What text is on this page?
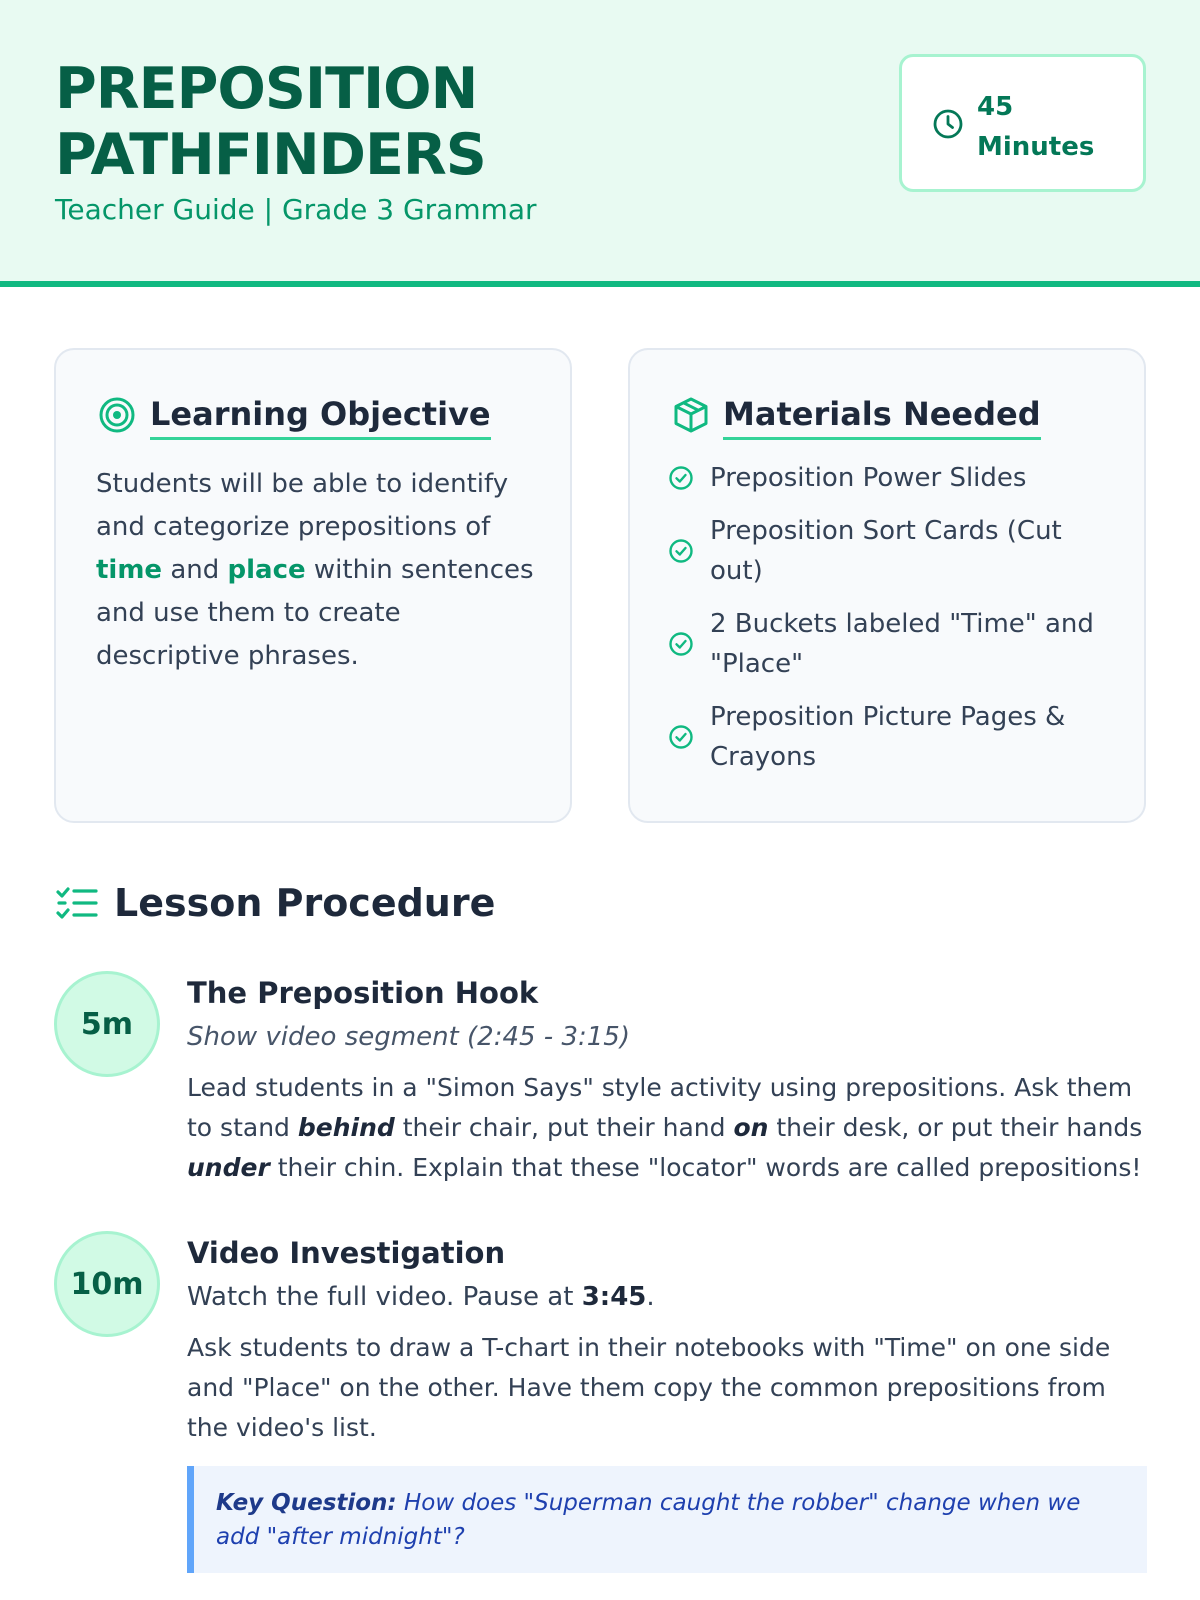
PREPOSITION
PATHFINDERS
Teacher Guide | Grade 3 Grammar
45
Minutes
Learning Objective
Students will be able to identify and categorize prepositions of time and place within sentences and use them to create descriptive phrases.
Materials Needed
Preposition Power Slides
Preposition Sort Cards (Cut out)
2 Buckets labeled "Time" and "Place"
Preposition Picture Pages & Crayons
Lesson Procedure
5m
The Preposition Hook
Show video segment (2:45 - 3:15)
Lead students in a "Simon Says" style activity using prepositions. Ask them to stand behind their chair, put their hand on their desk, or put their hands under their chin. Explain that these "locator" words are called prepositions!
10m
Video Investigation
Watch the full video. Pause at 3:45.
Ask students to draw a T-chart in their notebooks with "Time" on one side and "Place" on the other. Have them copy the common prepositions from the video's list.
Key Question: How does "Superman caught the robber" change when we add "after midnight"?
